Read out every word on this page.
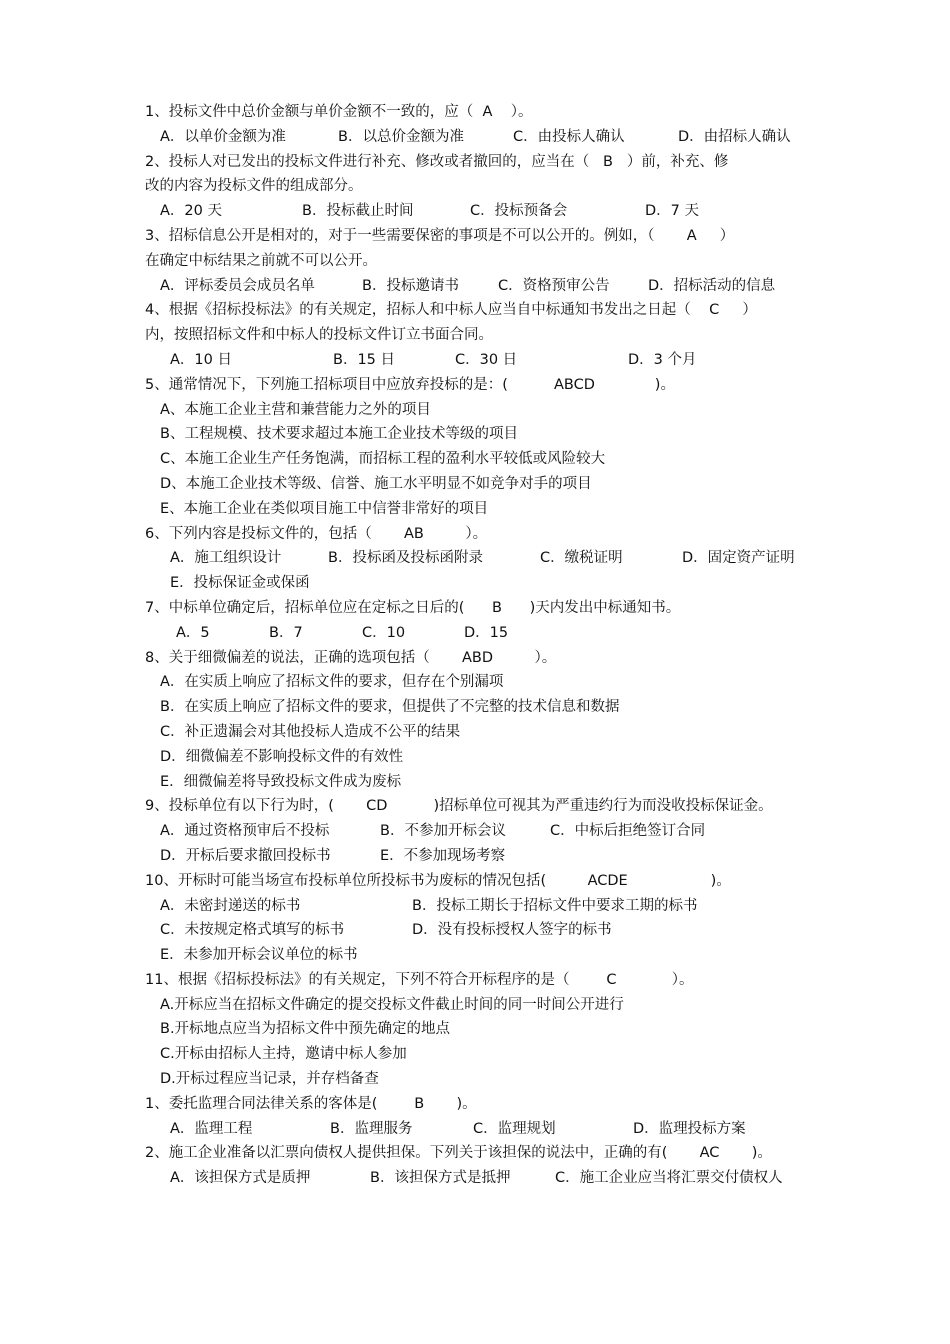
1、投标文件中总价金额与单价金额不一致的，应（  A    ）。
A．以单价金额为准	B．以总价金额为准	C．由投标人确认	D．由招标人确认
2、投标人对已发出的投标文件进行补充、修改或者撤回的，应当在（   B   ）前，补充、修
改的内容为投标文件的组成部分。
A．20 天	B．投标截止时间	C．投标预备会	D．7 天
3、招标信息公开是相对的，对于一些需要保密的事项是不可以公开的。例如，（       A     ）
在确定中标结果之前就不可以公开。
A．评标委员会成员名单	B．投标邀请书	C．资格预审公告	D．招标活动的信息
4、根据《招标投标法》的有关规定，招标人和中标人应当自中标通知书发出之日起（    C     ）
内，按照招标文件和中标人的投标文件订立书面合同。
A．10 日	B．15 日	C．30 日	D．3 个月
5、通常情况下，下列施工招标项目中应放弃投标的是：(          ABCD             )。
A、本施工企业主营和兼营能力之外的项目
B、工程规模、技术要求超过本施工企业技术等级的项目
C、本施工企业生产任务饱满，而招标工程的盈利水平较低或风险较大
D、本施工企业技术等级、信誉、施工水平明显不如竞争对手的项目
E、本施工企业在类似项目施工中信誉非常好的项目
6、下列内容是投标文件的，包括（       AB         ）。
A．施工组织设计	B．投标函及投标函附录	C．缴税证明	D．固定资产证明
E．投标保证金或保函
7、中标单位确定后，招标单位应在定标之日后的(      B      )天内发出中标通知书。
A．5	B．7	C．10	D．15
8、关于细微偏差的说法，正确的选项包括（       ABD         ）。
A．在实质上响应了招标文件的要求，但存在个别漏项
B．在实质上响应了招标文件的要求，但提供了不完整的技术信息和数据
C．补正遗漏会对其他投标人造成不公平的结果
D．细微偏差不影响投标文件的有效性
E．细微偏差将导致投标文件成为废标
9、投标单位有以下行为时，(       CD          )招标单位可视其为严重违约行为而没收投标保证金。
A．通过资格预审后不投标	B．不参加开标会议	C．中标后拒绝签订合同
D．开标后要求撤回投标书	E．不参加现场考察
10、开标时可能当场宣布投标单位所投标书为废标的情况包括(         ACDE                  )。
A．未密封递送的标书	B．投标工期长于招标文件中要求工期的标书
C．未按规定格式填写的标书	D．没有投标授权人签字的标书
E．未参加开标会议单位的标书
11、根据《招标投标法》的有关规定，下列不符合开标程序的是（        C            ）。
A.开标应当在招标文件确定的提交投标文件截止时间的同一时间公开进行
B.开标地点应当为招标文件中预先确定的地点
C.开标由招标人主持，邀请中标人参加
D.开标过程应当记录，并存档备查
1、委托监理合同法律关系的客体是(        B       )。
A．监理工程	B．监理服务	C．监理规划	D．监理投标方案
2、施工企业准备以汇票向债权人提供担保。下列关于该担保的说法中，正确的有(       AC       )。
A．该担保方式是质押	B．该担保方式是抵押	C．施工企业应当将汇票交付债权人
